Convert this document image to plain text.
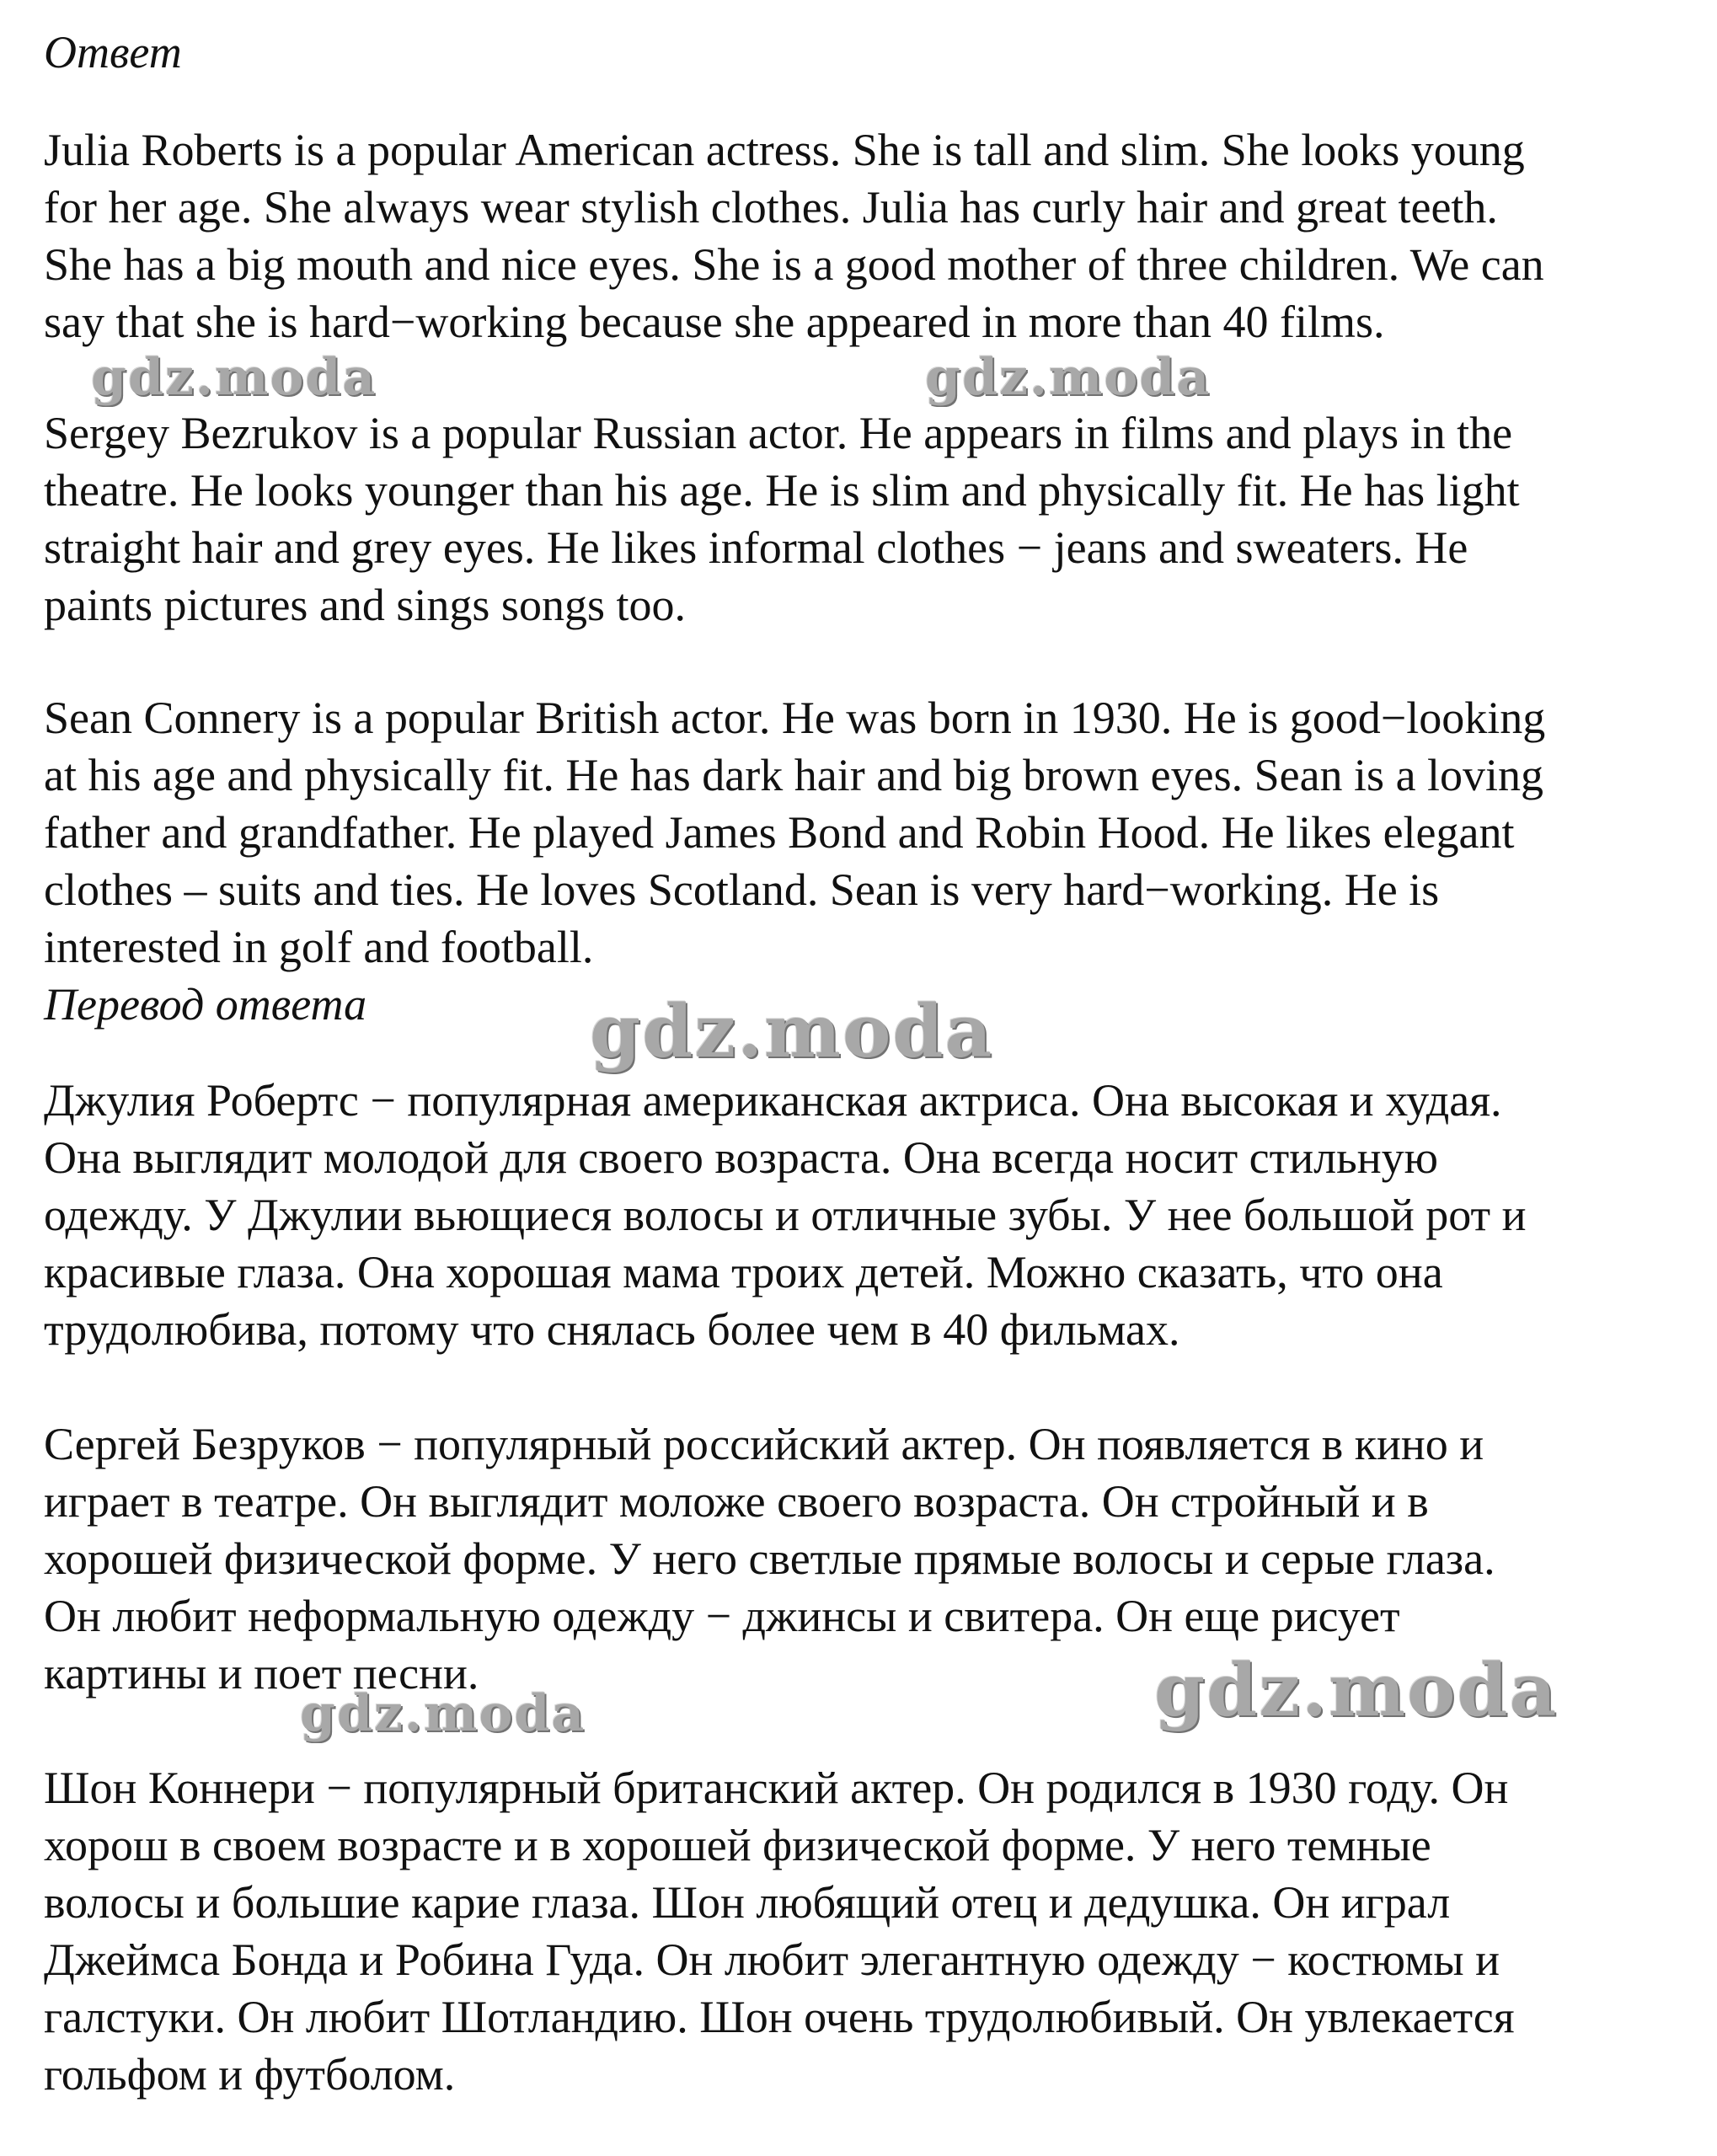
Ответ

Julia Roberts is a popular American actress. She is tall and slim. She looks young
for her age. She always wear stylish clothes. Julia has curly hair and great teeth.
She has a big mouth and nice eyes. She is a good mother of three children. We can
say that she is hard−working because she appeared in more than 40 films.

Sergey Bezrukov is a popular Russian actor. He appears in films and plays in the
theatre. He looks younger than his age. He is slim and physically fit. He has light
straight hair and grey eyes. He likes informal clothes − jeans and sweaters. He
paints pictures and sings songs too.

Sean Connery is a popular British actor. He was born in 1930. He is good−looking
at his age and physically fit. He has dark hair and big brown eyes. Sean is a loving
father and grandfather. He played James Bond and Robin Hood. He likes elegant
clothes – suits and ties. He loves Scotland. Sean is very hard−working. He is
interested in golf and football.

Перевод ответа

Джулия Робертс − популярная американская актриса. Она высокая и худая.
Она выглядит молодой для своего возраста. Она всегда носит стильную
одежду. У Джулии вьющиеся волосы и отличные зубы. У нее большой рот и
красивые глаза. Она хорошая мама троих детей. Можно сказать, что она
трудолюбива, потому что снялась более чем в 40 фильмах.

Сергей Безруков − популярный российский актер. Он появляется в кино и
играет в театре. Он выглядит моложе своего возраста. Он стройный и в
хорошей физической форме. У него светлые прямые волосы и серые глаза.
Он любит неформальную одежду − джинсы и свитера. Он еще рисует
картины и поет песни.

Шон Коннери − популярный британский актер. Он родился в 1930 году. Он
хорош в своем возрасте и в хорошей физической форме. У него темные
волосы и большие карие глаза. Шон любящий отец и дедушка. Он играл
Джеймса Бонда и Робина Гуда. Он любит элегантную одежду − костюмы и
галстуки. Он любит Шотландию. Шон очень трудолюбивый. Он увлекается
гольфом и футболом.

gdz.moda	gdz.moda
gdz.moda
gdz.moda
gdz.moda
